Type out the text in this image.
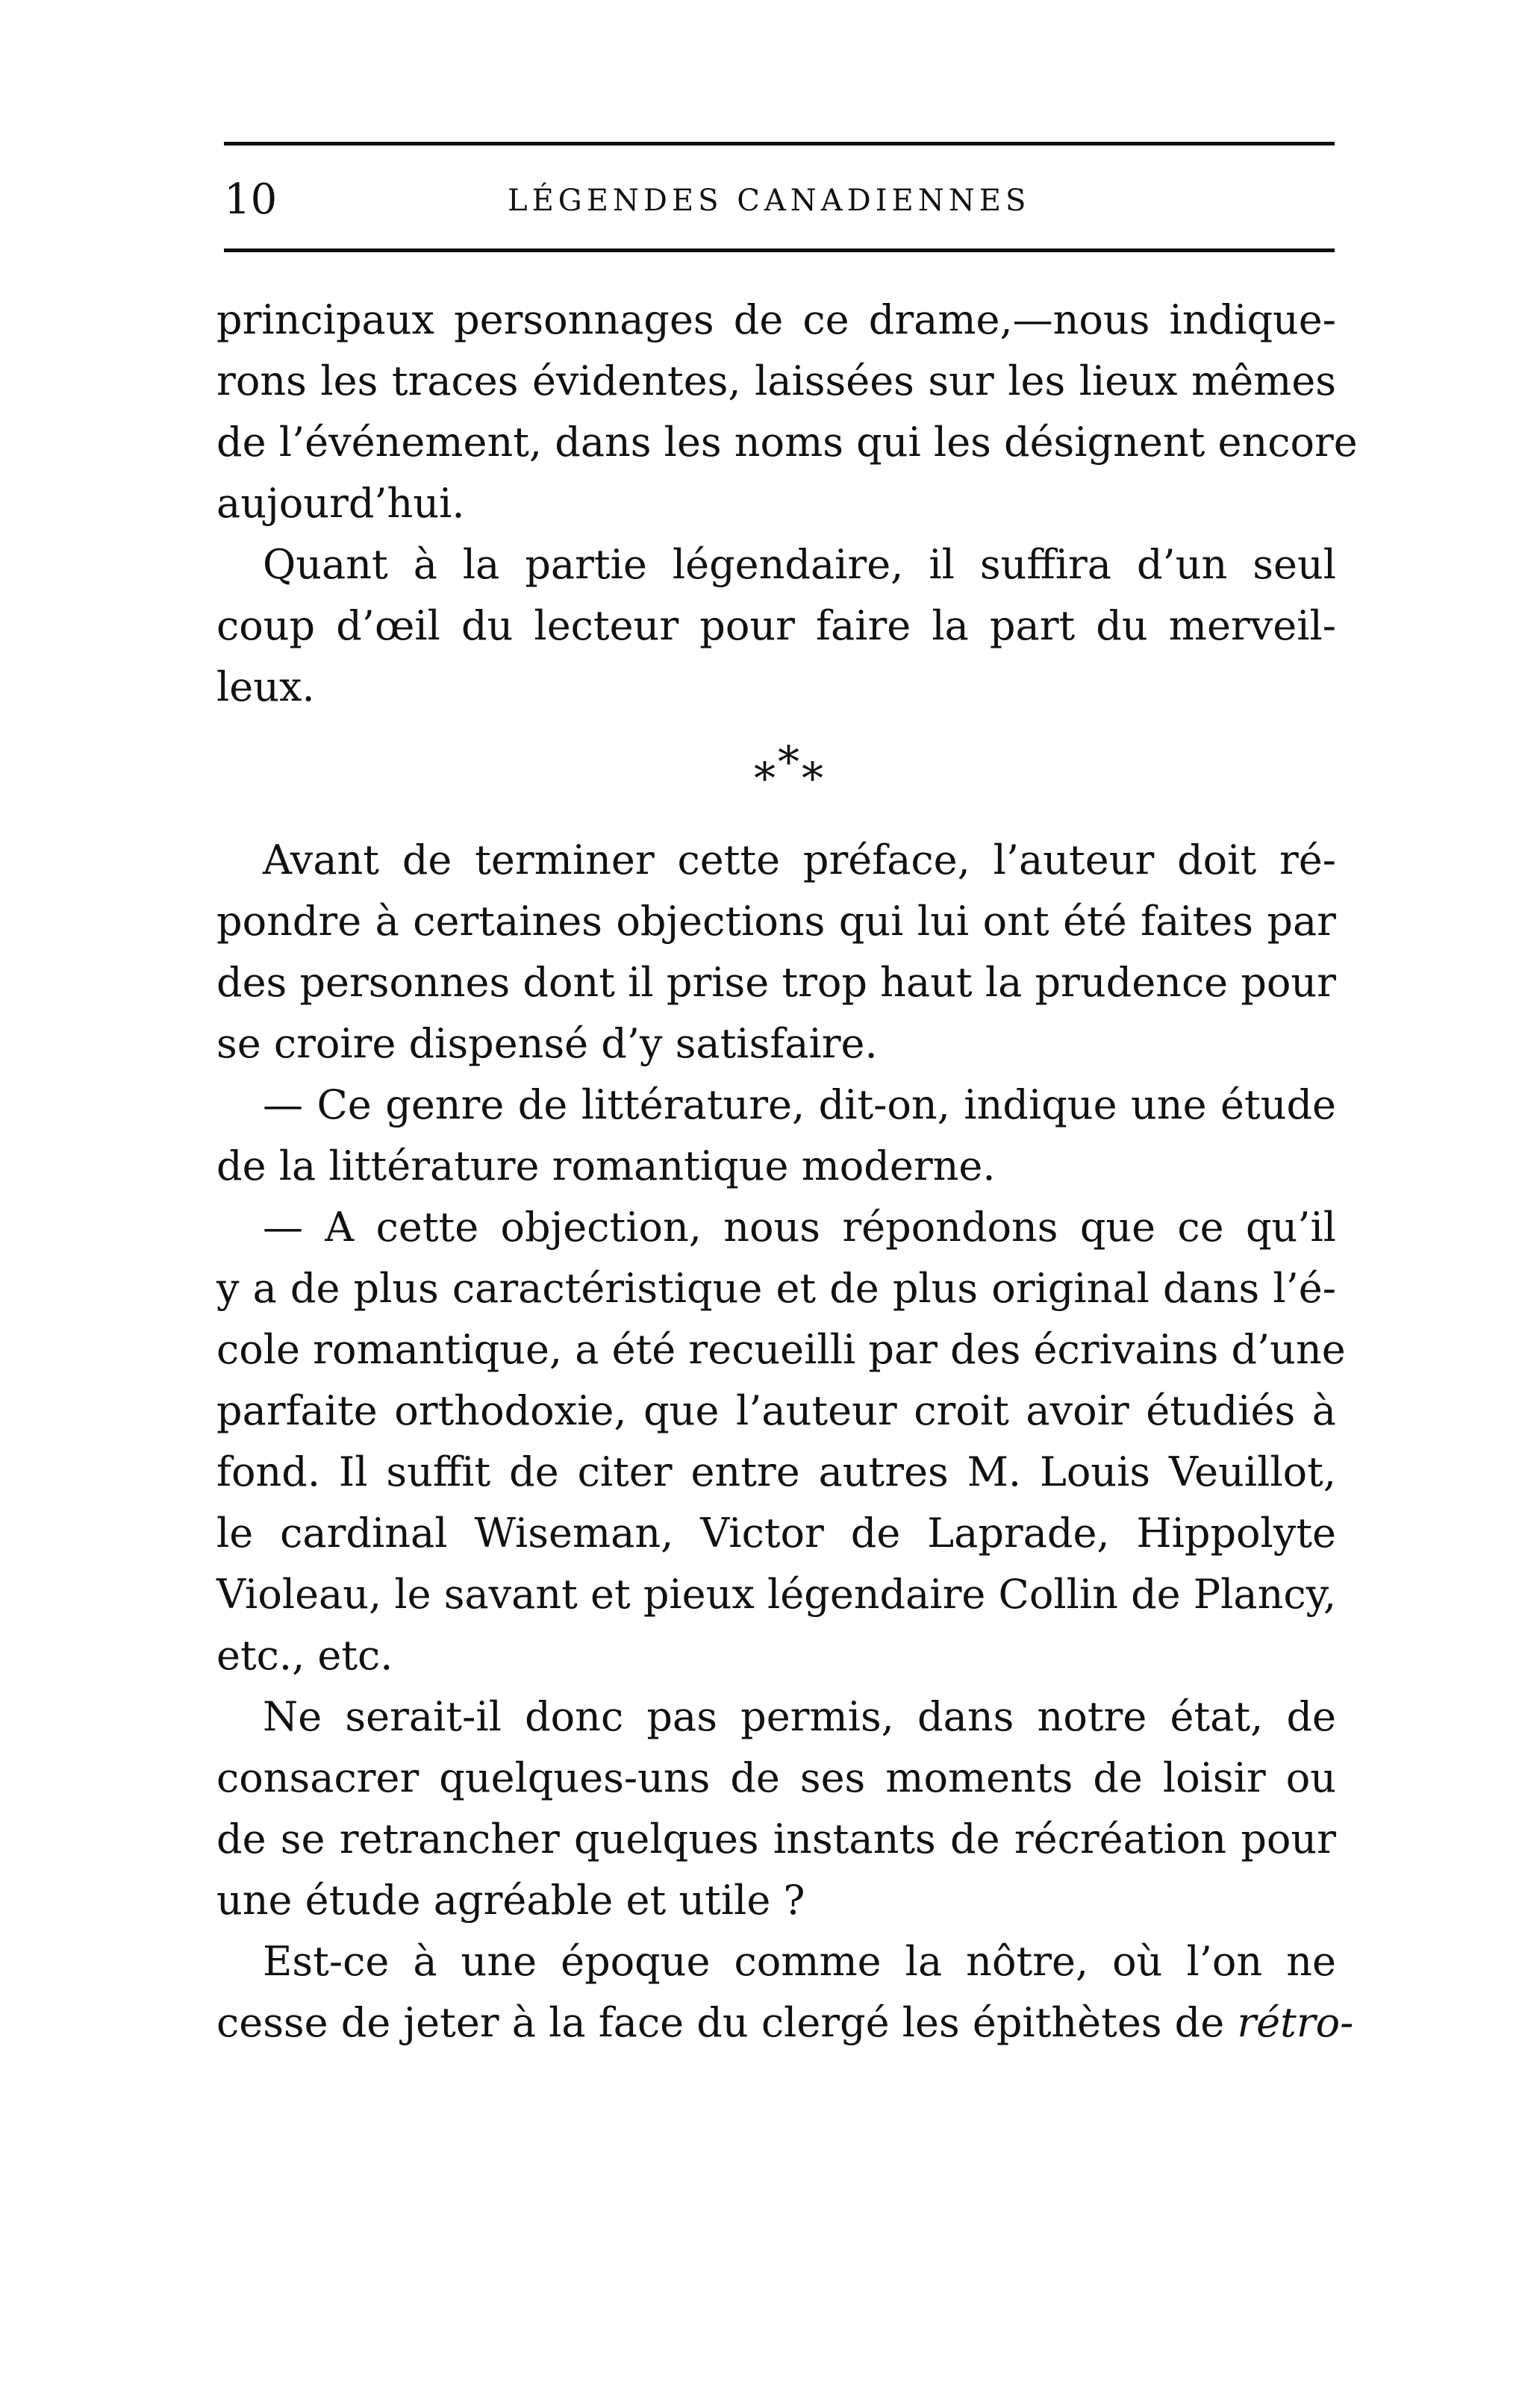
10	LÉGENDES CANADIENNES
principaux personnages de ce drame,—nous indique-
rons les traces évidentes, laissées sur les lieux mêmes
de l’événement, dans les noms qui les désignent encore
aujourd’hui.
Quant à la partie légendaire, il suffira d’un seul
coup d’œil du lecteur pour faire la part du merveil-
leux.
* * *
Avant de terminer cette préface, l’auteur doit ré-
pondre à certaines objections qui lui ont été faites par
des personnes dont il prise trop haut la prudence pour
se croire dispensé d’y satisfaire.
— Ce genre de littérature, dit-on, indique une étude
de la littérature romantique moderne.
— A cette objection, nous répondons que ce qu’il
y a de plus caractéristique et de plus original dans l’é-
cole romantique, a été recueilli par des écrivains d’une
parfaite orthodoxie, que l’auteur croit avoir étudiés à
fond. Il suffit de citer entre autres M. Louis Veuillot,
le cardinal Wiseman, Victor de Laprade, Hippolyte
Violeau, le savant et pieux légendaire Collin de Plancy,
etc., etc.
Ne serait-il donc pas permis, dans notre état, de
consacrer quelques-uns de ses moments de loisir ou
de se retrancher quelques instants de récréation pour
une étude agréable et utile ?
Est-ce à une époque comme la nôtre, où l’on ne
cesse de jeter à la face du clergé les épithètes de rétro-
